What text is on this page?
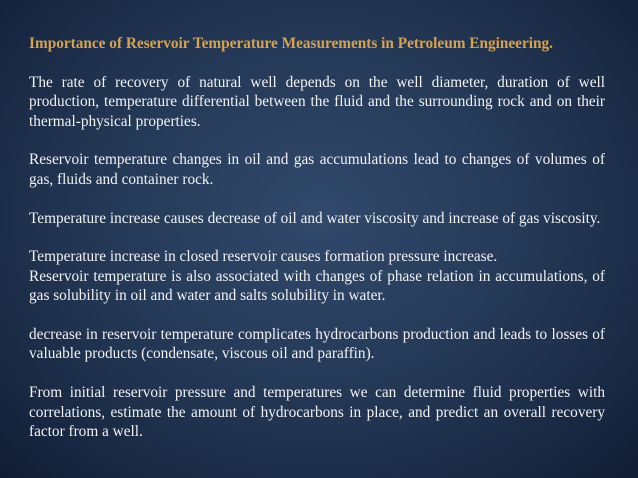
Importance of Reservoir Temperature Measurements in Petroleum Engineering.
The rate of recovery of natural well depends on the well diameter, duration of well production, temperature differential between the fluid and the surrounding rock and on their thermal-physical properties.
Reservoir temperature changes in oil and gas accumulations lead to changes of volumes of gas, fluids and container rock.
Temperature increase causes decrease of oil and water viscosity and increase of gas viscosity.
Temperature increase in closed reservoir causes formation pressure increase.
Reservoir temperature is also associated with changes of phase relation in accumulations, of gas solubility in oil and water and salts solubility in water.
decrease in reservoir temperature complicates hydrocarbons production and leads to losses of valuable products (condensate, viscous oil and paraffin).
From initial reservoir pressure and temperatures we can determine fluid properties with correlations, estimate the amount of hydrocarbons in place, and predict an overall recovery factor from a well.
